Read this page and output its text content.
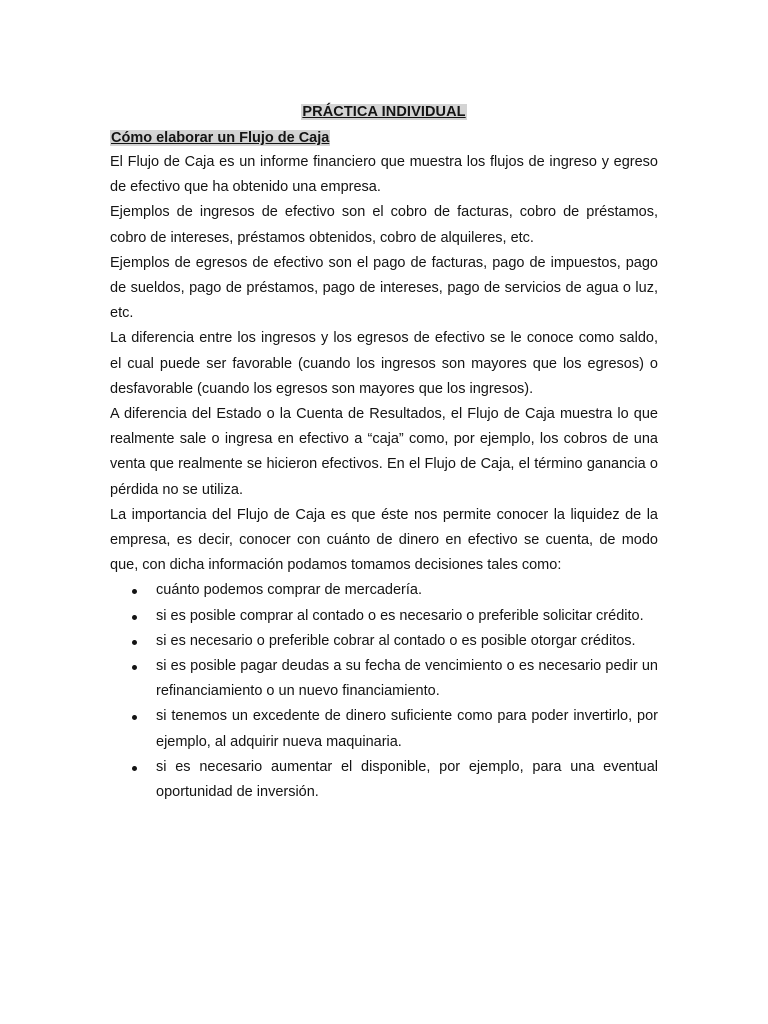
PRÁCTICA INDIVIDUAL
Cómo elaborar un Flujo de Caja

El Flujo de Caja es un informe financiero que muestra los flujos de ingreso y egreso de efectivo que ha obtenido una empresa.

Ejemplos de ingresos de efectivo son el cobro de facturas, cobro de préstamos, cobro de intereses, préstamos obtenidos, cobro de alquileres, etc.

Ejemplos de egresos de efectivo son el pago de facturas, pago de impuestos, pago de sueldos, pago de préstamos, pago de intereses, pago de servicios de agua o luz, etc.

La diferencia entre los ingresos y los egresos de efectivo se le conoce como saldo, el cual puede ser favorable (cuando los ingresos son mayores que los egresos) o desfavorable (cuando los egresos son mayores que los ingresos).

A diferencia del Estado o la Cuenta de Resultados, el Flujo de Caja muestra lo que realmente sale o ingresa en efectivo a “caja” como, por ejemplo, los cobros de una venta que realmente se hicieron efectivos. En el Flujo de Caja, el término ganancia o pérdida no se utiliza.

La importancia del Flujo de Caja es que éste nos permite conocer la liquidez de la empresa, es decir, conocer con cuánto de dinero en efectivo se cuenta, de modo que, con dicha información podamos tomamos decisiones tales como:

cuánto podemos comprar de mercadería.
si es posible comprar al contado o es necesario o preferible solicitar crédito.
si es necesario o preferible cobrar al contado o es posible otorgar créditos.
si es posible pagar deudas a su fecha de vencimiento o es necesario pedir un refinanciamiento o un nuevo financiamiento.
si tenemos un excedente de dinero suficiente como para poder invertirlo, por ejemplo, al adquirir nueva maquinaria.
si es necesario aumentar el disponible, por ejemplo, para una eventual oportunidad de inversión.
